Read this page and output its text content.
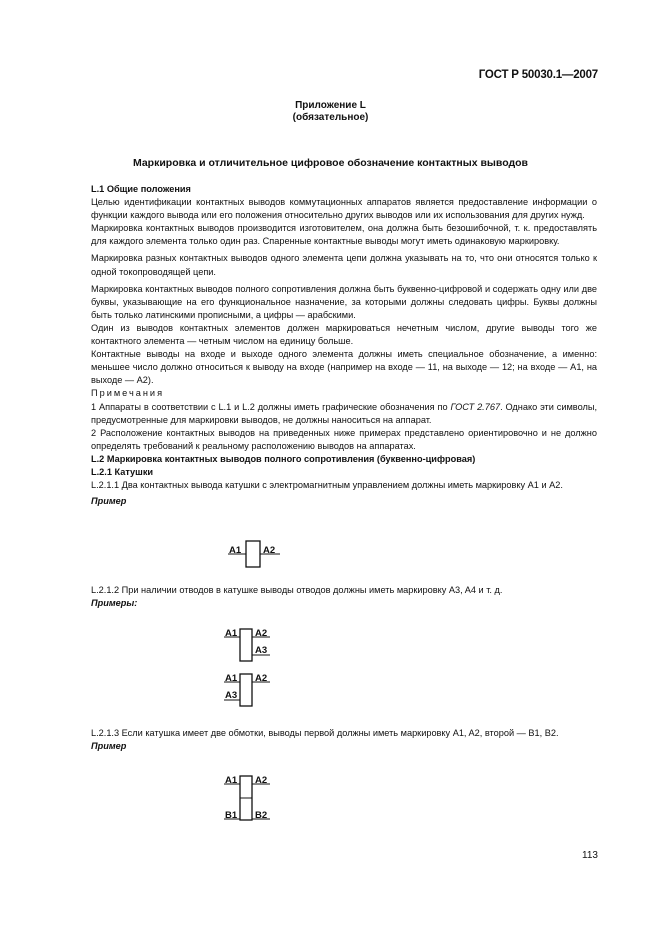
ГОСТ Р 50030.1—2007
Приложение L
(обязательное)
Маркировка и отличительное цифровое обозначение контактных выводов

L.1 Общие положения

Целью идентификации контактных выводов коммутационных аппаратов является предоставление информации о функции каждого вывода или его положения относительно других выводов или их использования для других нужд.

Маркировка контактных выводов производится изготовителем, она должна быть безошибочной, т. к. предоставлять для каждого элемента только один раз. Спаренные контактные выводы могут иметь одинаковую маркировку.

Маркировка разных контактных выводов одного элемента цепи должна указывать на то, что они относятся только к одной токопроводящей цепи.

Маркировка контактных выводов полного сопротивления должна быть буквенно-цифровой и содержать одну или две буквы, указывающие на его функциональное назначение, за которыми должны следовать цифры. Буквы должны быть только латинскими прописными, а цифры — арабскими.

Один из выводов контактных элементов должен маркироваться нечетным числом, другие выводы того же контактного элемента — четным числом на единицу больше.

Контактные выводы на входе и выходе одного элемента должны иметь специальное обозначение, а именно: меньшее число должно относиться к выводу на входе (например на входе — 11, на выходе — 12; на входе — A1, на выходе — A2).

Примечания

1 Аппараты в соответствии с L.1 и L.2 должны иметь графические обозначения по ГОСТ 2.767. Однако эти символы, предусмотренные для маркировки выводов, не должны наноситься на аппарат.

2 Расположение контактных выводов на приведенных ниже примерах представлено ориентировочно и не должно определять требований к реальному расположению выводов на аппаратах.

L.2 Маркировка контактных выводов полного сопротивления (буквенно-цифровая)

L.2.1 Катушки

L.2.1.1 Два контактных вывода катушки с электромагнитным управлением должны иметь маркировку A1 и A2.

Пример

A1 A2
L.2.1.2 При наличии отводов в катушке выводы отводов должны иметь маркировку A3, A4 и т. д.
Примеры:
A1 A2
A3
A1 A2
A3
L.2.1.3 Если катушка имеет две обмотки, выводы первой должны иметь маркировку A1, A2, второй — B1, B2.
Пример
A1 A2
B1 B2
113
